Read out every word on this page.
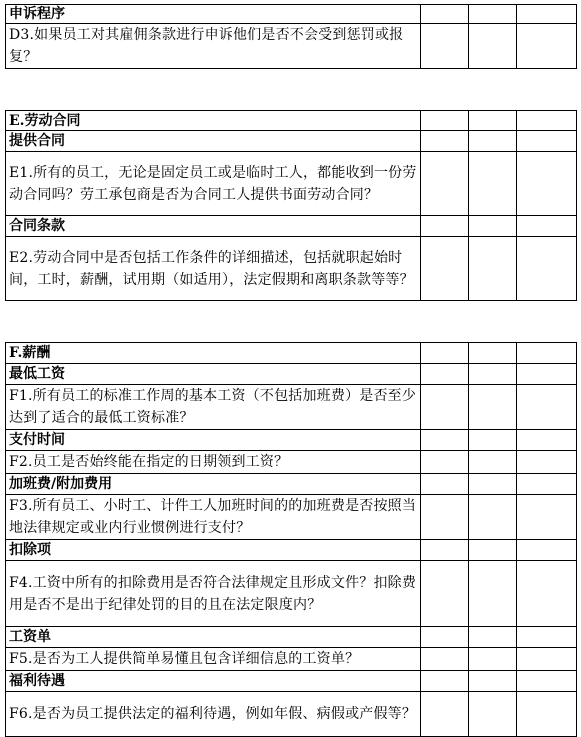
申诉程序			
D3.如果员工对其雇佣条款进行申诉他们是否不会受到惩罚或报复？			
E.劳动合同			
提供合同			
E1.所有的员工，无论是固定员工或是临时工人，都能收到一份劳动合同吗？劳工承包商是否为合同工人提供书面劳动合同？			
合同条款			
E2.劳动合同中是否包括工作条件的详细描述，包括就职起始时间，工时，薪酬，试用期（如适用），法定假期和离职条款等等？			
F.薪酬			
最低工资			
F1.所有员工的标准工作周的基本工资（不包括加班费）是否至少达到了适合的最低工资标准？			
支付时间			
F2.员工是否始终能在指定的日期领到工资？			
加班费/附加费用			
F3.所有员工、小时工、计件工人加班时间的的加班费是否按照当地法律规定或业内行业惯例进行支付？			
扣除项			
F4.工资中所有的扣除费用是否符合法律规定且形成文件？扣除费用是否不是出于纪律处罚的目的且在法定限度内？			
工资单			
F5.是否为工人提供简单易懂且包含详细信息的工资单？			
福利待遇			
F6.是否为员工提供法定的福利待遇，例如年假、病假或产假等？			
